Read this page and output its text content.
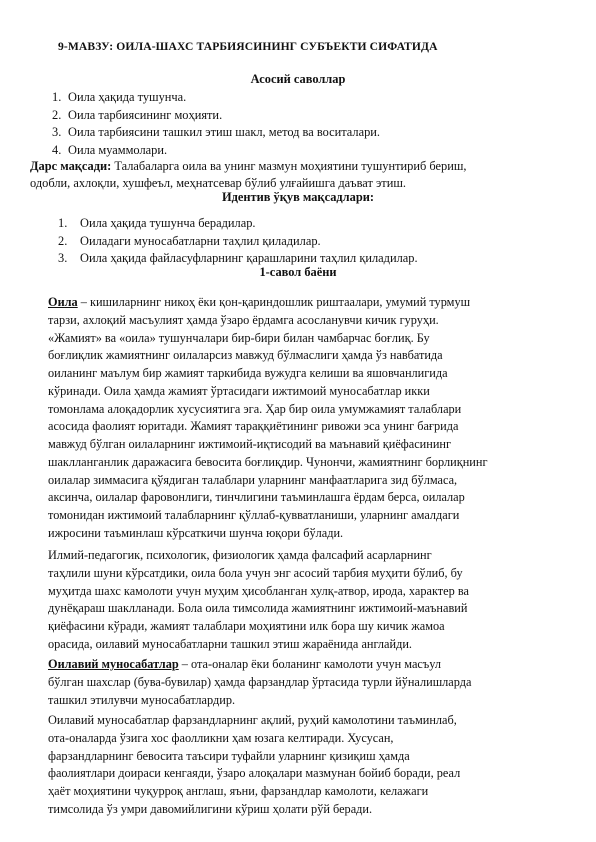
9-МАВЗУ: ОИЛА-ШАХС ТАРБИЯСИНИНГ СУБЪЕКТИ СИФАТИДА
Асосий саволлар
1. Оила ҳақида тушунча.
2. Оила тарбиясининг моҳияти.
3. Оила тарбиясини ташкил этиш шакл, метод ва воситалари.
4. Оила муаммолари.
Дарс мақсади: Талабаларга оила ва унинг мазмун моҳиятини тушунтириб бериш,
одобли, ахлоқли, хушфеъл, меҳнатсевар бўлиб улғайишга даъват этиш.
Идентив ўқув мақсадлари:
1. Оила ҳақида тушунча берадилар.
2. Оиладаги муносабатларни таҳлил қиладилар.
3. Оила ҳақида файласуфларнинг қарашларини таҳлил қиладилар.
1-савол баёни
Оила – кишиларнинг никоҳ ёки қон-қариндошлик риштаалари, умумий турмуш
тарзи, ахлоқий масъулият ҳамда ўзаро ёрдамга асосланувчи кичик гуруҳи.
«Жамият» ва «оила» тушунчалари бир-бири билан чамбарчас боғлиқ. Бу
боғлиқлик жамиятнинг оилаларсиз мавжуд бўлмаслиги ҳамда ўз навбатида
оиланинг маълум бир жамият таркибида вужудга келиши ва яшовчанлигида
кўринади. Оила ҳамда жамият ўртасидаги ижтимоий муносабатлар икки
томонлама алоқадорлик хусусиятига эга. Ҳар бир оила умумжамият талаблари
асосида фаолият юритади. Жамият тараққиётининг ривожи эса унинг бағрида
мавжуд бўлган оилаларнинг ижтимоий-иқтисодий ва маънавий қиёфасининг
шаклланганлик даражасига бевосита боғлиқдир. Чунончи, жамиятнинг борлиқнинг
оилалар зиммасига қўядиган талаблари уларнинг манфаатларига зид бўлмаса,
аксинча, оилалар фаровонлиги, тинчлигини таъминлашга ёрдам берса, оилалар
томонидан ижтимоий талабларнинг қўллаб-қувватланиши, уларнинг амалдаги
ижросини таъминлаш кўрсаткичи шунча юқори бўлади.
Илмий-педагогик, психологик, физиологик ҳамда фалсафий асарларнинг
таҳлили шуни кўрсатдики, оила бола учун энг асосий тарбия муҳити бўлиб, бу
муҳитда шахс камолоти учун муҳим ҳисобланган хулқ-атвор, ирода, характер ва
дунёқараш шаклланади. Бола оила тимсолида жамиятнинг ижтимоий-маънавий
қиёфасини кўради, жамият талаблари моҳиятини илк бора шу кичик жамоа
орасида, оилавий муносабатларни ташкил этиш жараёнида англайди.
Оилавий муносабатлар – ота-оналар ёки боланинг камолоти учун масъул
бўлган шахслар (бува-бувилар) ҳамда фарзандлар ўртасида турли йўналишларда
ташкил этилувчи муносабатлардир.
Оилавий муносабатлар фарзандларнинг ақлий, руҳий камолотини таъминлаб,
ота-оналарда ўзига хос фаолликни ҳам юзага келтиради. Хусусан,
фарзандларнинг бевосита таъсири туфайли уларнинг қизиқиш ҳамда
фаолиятлари доираси кенгаяди, ўзаро алоқалари мазмунан бойиб боради, реал
ҳаёт моҳиятини чуқурроқ англаш, яъни, фарзандлар камолоти, келажаги
тимсолида ўз умри давомийлигини кўриш ҳолати рўй беради.
